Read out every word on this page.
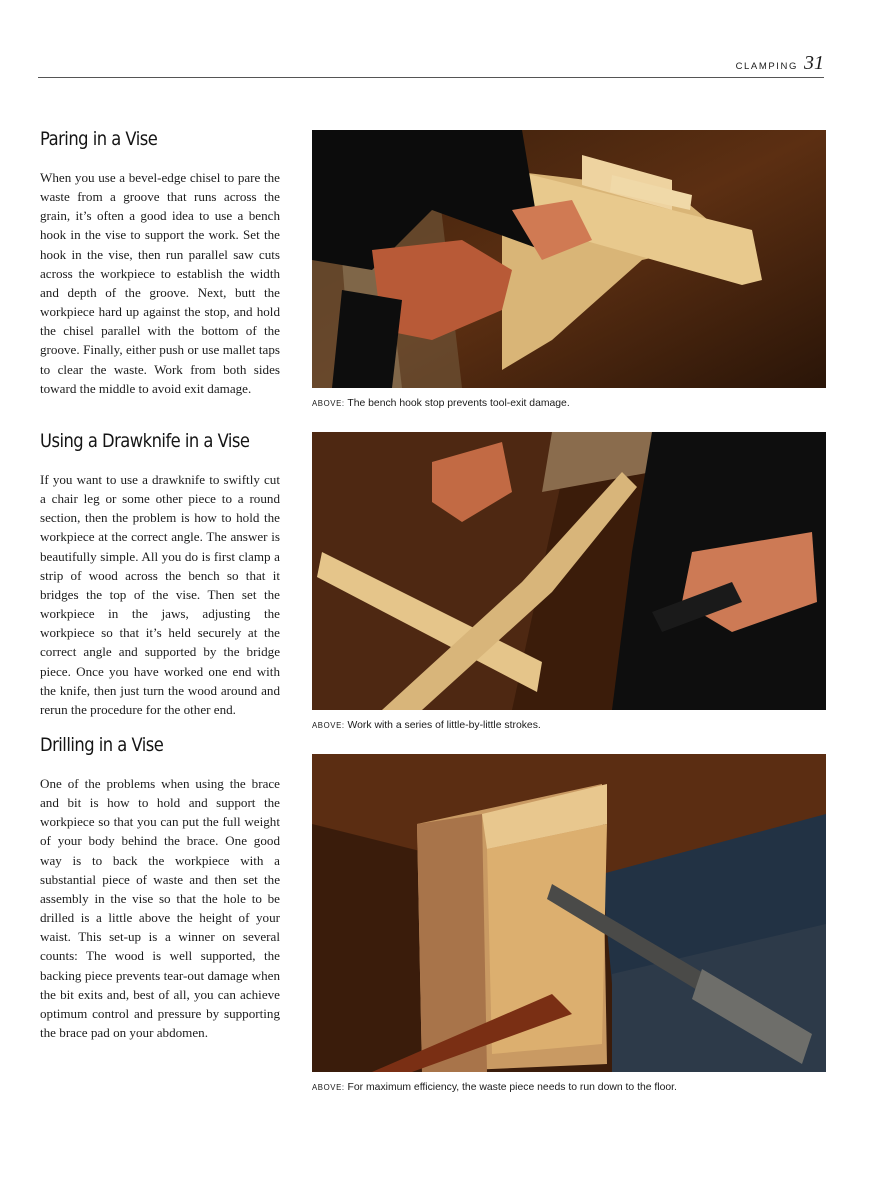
CLAMPING 31
Paring in a Vise

When you use a bevel-edge chisel to pare the waste from a groove that runs across the grain, it’s often a good idea to use a bench hook in the vise to support the work. Set the hook in the vise, then run parallel saw cuts across the workpiece to establish the width and depth of the groove. Next, butt the workpiece hard up against the stop, and hold the chisel parallel with the bottom of the groove. Finally, either push or use mallet taps to clear the waste. Work from both sides toward the middle to avoid exit damage.

Using a Drawknife in a Vise

If you want to use a drawknife to swiftly cut a chair leg or some other piece to a round section, then the problem is how to hold the workpiece at the correct angle. The answer is beautifully simple. All you do is first clamp a strip of wood across the bench so that it bridges the top of the vise. Then set the workpiece in the jaws, adjusting the workpiece so that it’s held securely at the correct angle and supported by the bridge piece. Once you have worked one end with the knife, then just turn the wood around and rerun the procedure for the other end.

Drilling in a Vise

One of the problems when using the brace and bit is how to hold and support the workpiece so that you can put the full weight of your body behind the brace. One good way is to back the workpiece with a substantial piece of waste and then set the assembly in the vise so that the hole to be drilled is a little above the height of your waist. This set-up is a winner on several counts: The wood is well supported, the backing piece prevents tear-out damage when the bit exits and, best of all, you can achieve optimum control and pressure by supporting the brace pad on your abdomen.

ABOVE: The bench hook stop prevents tool-exit damage.
ABOVE: Work with a series of little-by-little strokes.
ABOVE: For maximum efficiency, the waste piece needs to run down to the floor.
